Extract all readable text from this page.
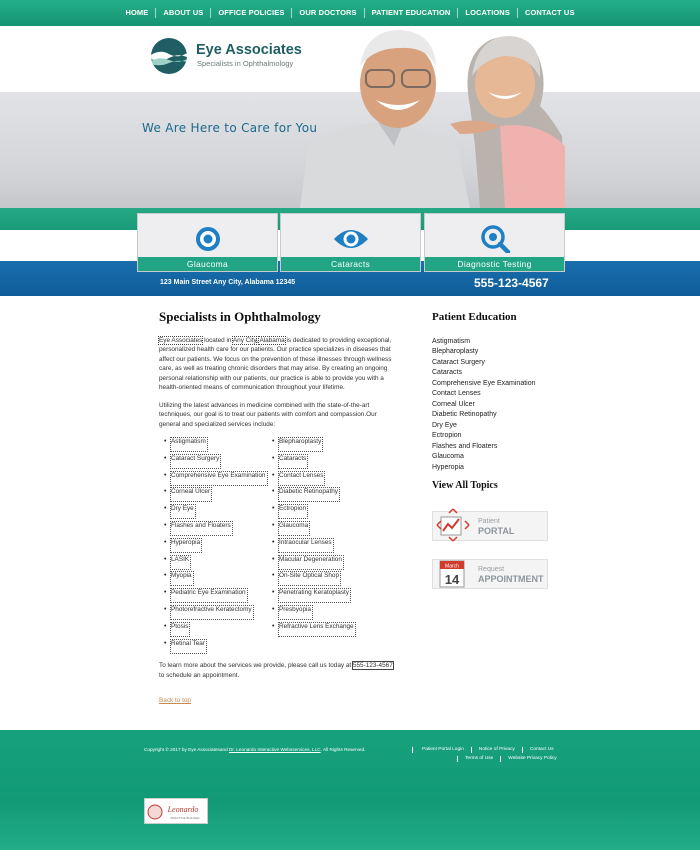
HOME	ABOUT US	OFFICE POLICIES	OUR DOCTORS	PATIENT EDUCATION	LOCATIONS	CONTACT US
Eye Associates
Specialists in Ophthalmology
We Are Here to Care for You
123 Main Street Any City, Alabama 12345	555-123-4567
Glaucoma	Cataracts	Diagnostic Testing
Specialists in Ophthalmology

Eye Associates located in Any City, Alabama is dedicated to providing exceptional, personalized health care for our patients. Our practice specializes in diseases that affect our patients. We focus on the prevention of these illnesses through wellness care, as well as treating chronic disorders that may arise. By creating an ongoing personal relationship with our patients, our practice is able to provide you with a health-oriented means of communication throughout your lifetime.

Utilizing the latest advances in medicine combined with the state-of-the-art techniques, our goal is to treat our patients with comfort and compassion.Our general and specialized services include:

• Astigmatism
• Cataract Surgery
• Comprehensive Eye Examination
• Corneal Ulcer
• Dry Eye
• Flashes and Floaters
• Hyperopia
• LASIK
• Myopia
• Pediatric Eye Examination
• Photorefractive Keratectomy
• Ptosis
• Retinal Tear
• Blepharoplasty
• Cataracts
• Contact Lenses
• Diabetic Retinopathy
• Ectropion
• Glaucoma
• Intraocular Lenses
• Macular Degeneration
• On-Site Optical Shop
• Penetrating Keratoplasty
• Presbyopia
• Refractive Lens Exchange

To learn more about the services we provide, please call us today at 555-123-4567 to schedule an appointment.

Back to top
Patient Education
Astigmatism
Blepharoplasty
Cataract Surgery
Cataracts
Comprehensive Eye Examination
Contact Lenses
Corneal Ulcer
Diabetic Retinopathy
Dry Eye
Ectropion
Flashes and Floaters
Glaucoma
Hyperopia
View All Topics
Patient
PORTAL
March
14
Request
APPOINTMENT
Copyright © 2017 by Eye Associatesand Dr. Leonardo Interactive Websservices, LLC. All Rights Reserved.	Patient Portal Login	Notice of Privacy	Contact Us
Terms of Use	Website Privacy Policy
Leonardo
PRACTICE BUILDER
